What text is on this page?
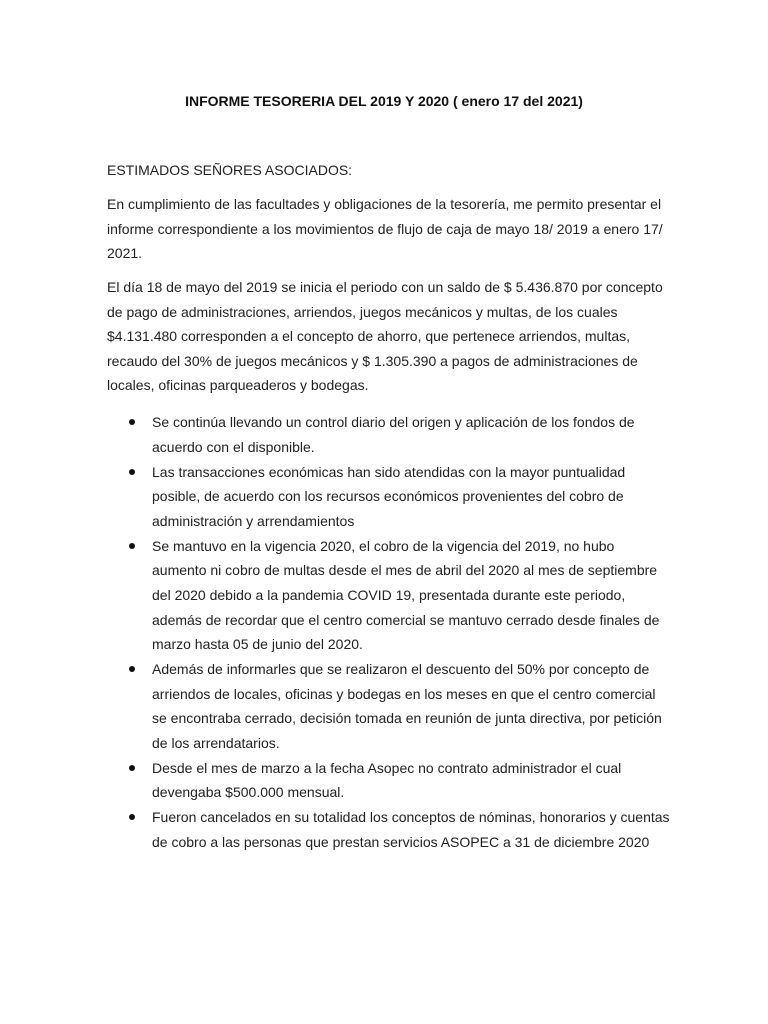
INFORME TESORERIA DEL 2019 Y 2020 ( enero 17 del 2021)
ESTIMADOS SEÑORES ASOCIADOS:
En cumplimiento de las facultades y obligaciones de la tesorería, me permito presentar el informe correspondiente a los movimientos de flujo de caja de mayo 18/ 2019 a enero 17/ 2021.
El día 18 de mayo del 2019 se inicia el periodo con un saldo de $ 5.436.870 por concepto de pago de administraciones, arriendos, juegos mecánicos y multas, de los cuales $4.131.480 corresponden a el concepto de ahorro, que pertenece arriendos, multas, recaudo del 30% de juegos mecánicos y $ 1.305.390 a pagos de administraciones de locales, oficinas parqueaderos y bodegas.
Se continúa llevando un control diario del origen y aplicación de los fondos de acuerdo con el disponible.
Las transacciones económicas han sido atendidas con la mayor puntualidad posible, de acuerdo con los recursos económicos provenientes del cobro de administración y arrendamientos
Se mantuvo en la vigencia 2020, el cobro de la vigencia del 2019, no hubo aumento ni cobro de multas desde el mes de abril del 2020 al mes de septiembre del 2020 debido a la pandemia COVID 19, presentada durante este periodo, además de recordar que el centro comercial se mantuvo cerrado desde finales de marzo hasta 05 de junio del 2020.
Además de informarles que se realizaron el descuento del 50% por concepto de arriendos de locales, oficinas y bodegas en los meses en que el centro comercial se encontraba cerrado, decisión tomada en reunión de junta directiva, por petición de los arrendatarios.
Desde el mes de marzo a la fecha Asopec no contrato administrador el cual devengaba $500.000 mensual.
Fueron cancelados en su totalidad los conceptos de nóminas, honorarios y cuentas de cobro a las personas que prestan servicios ASOPEC a 31 de diciembre 2020
